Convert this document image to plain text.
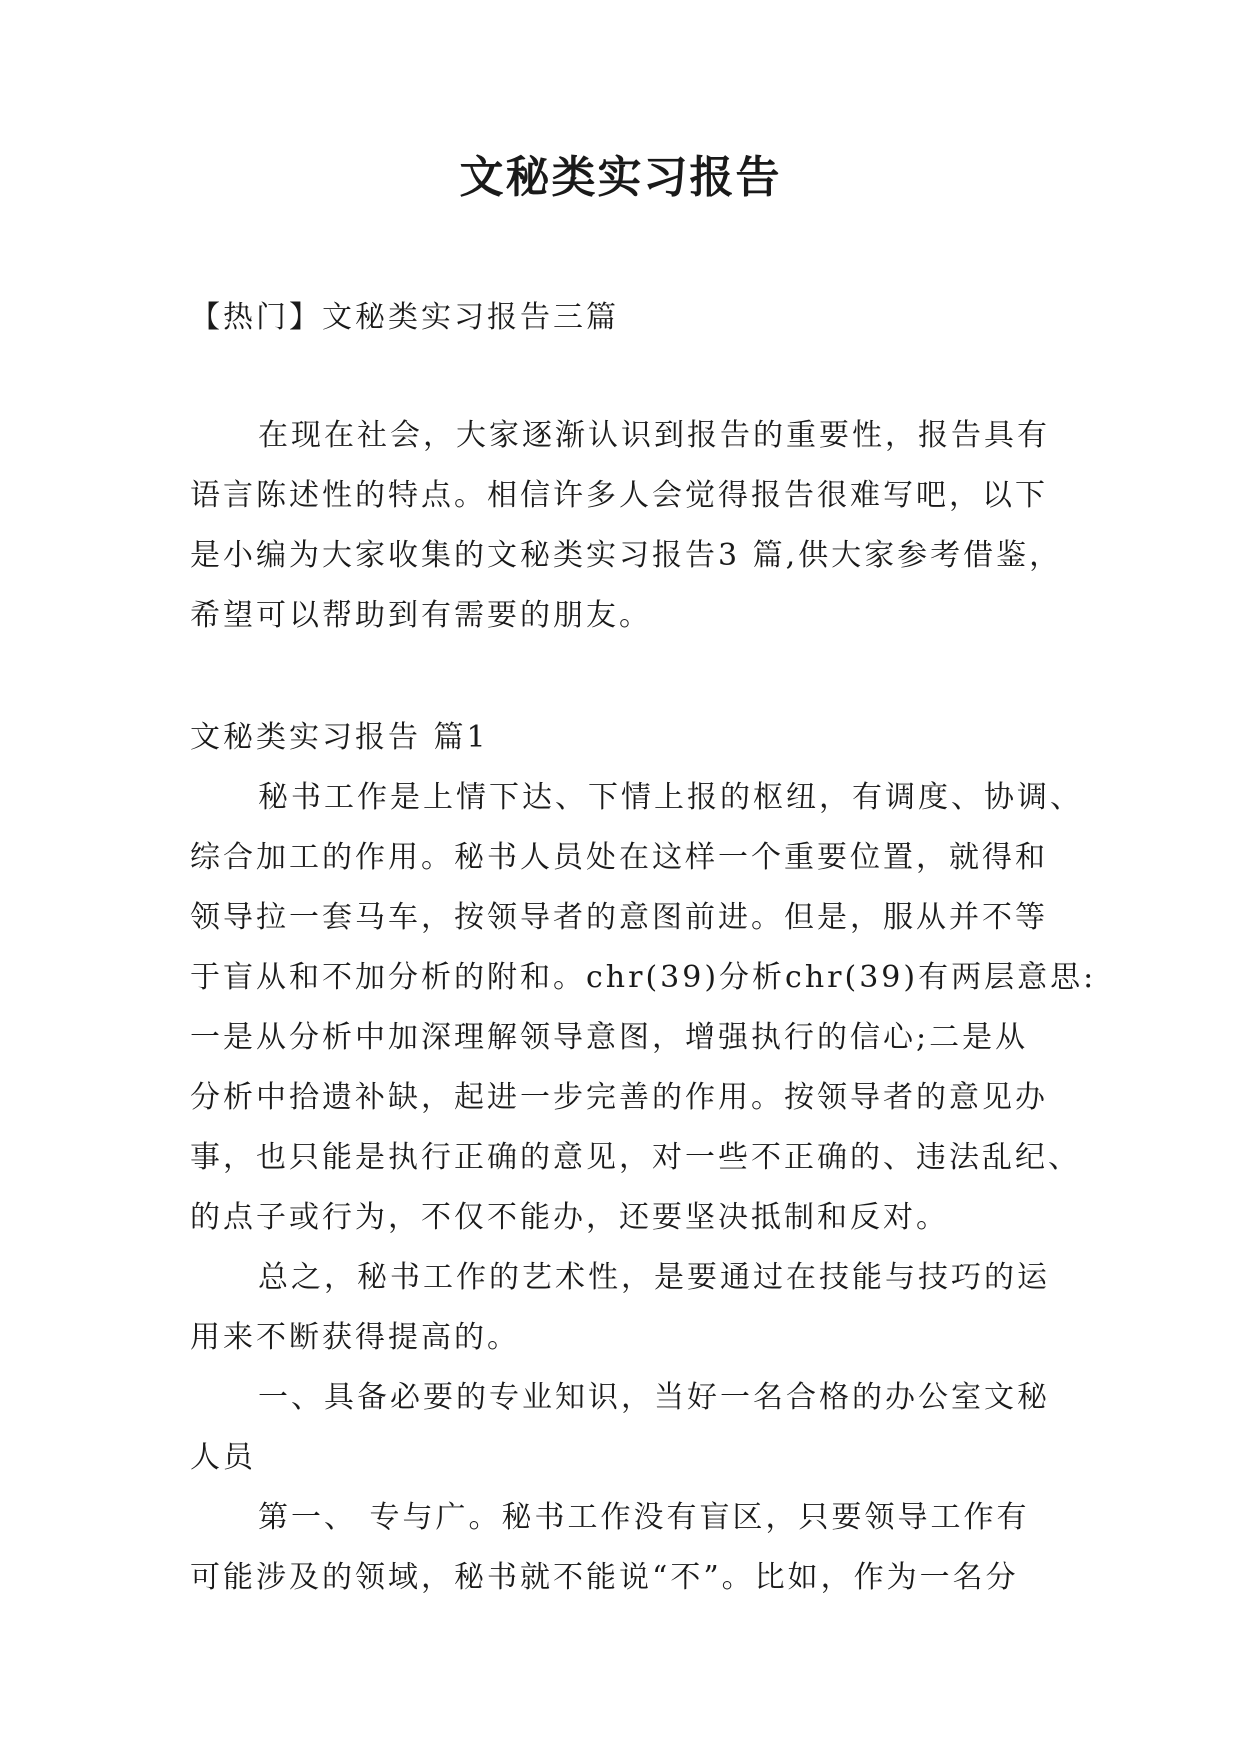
文秘类实习报告

【热门】文秘类实习报告三篇

在现在社会，大家逐渐认识到报告的重要性，报告具有

语言陈述性的特点。相信许多人会觉得报告很难写吧，以下

是小编为大家收集的文秘类实习报告3 篇,供大家参考借鉴，

希望可以帮助到有需要的朋友。

文秘类实习报告 篇1

秘书工作是上情下达、下情上报的枢纽，有调度、协调、

综合加工的作用。秘书人员处在这样一个重要位置，就得和

领导拉一套马车，按领导者的意图前进。但是，服从并不等

于盲从和不加分析的附和。chr(39)分析chr(39)有两层意思:

一是从分析中加深理解领导意图，增强执行的信心;二是从

分析中拾遗补缺，起进一步完善的作用。按领导者的意见办

事，也只能是执行正确的意见，对一些不正确的、违法乱纪、

的点子或行为，不仅不能办，还要坚决抵制和反对。

总之，秘书工作的艺术性，是要通过在技能与技巧的运

用来不断获得提高的。

一、具备必要的专业知识，当好一名合格的办公室文秘

人员

第一、 专与广。秘书工作没有盲区，只要领导工作有

可能涉及的领域，秘书就不能说“不”。比如，作为一名分
